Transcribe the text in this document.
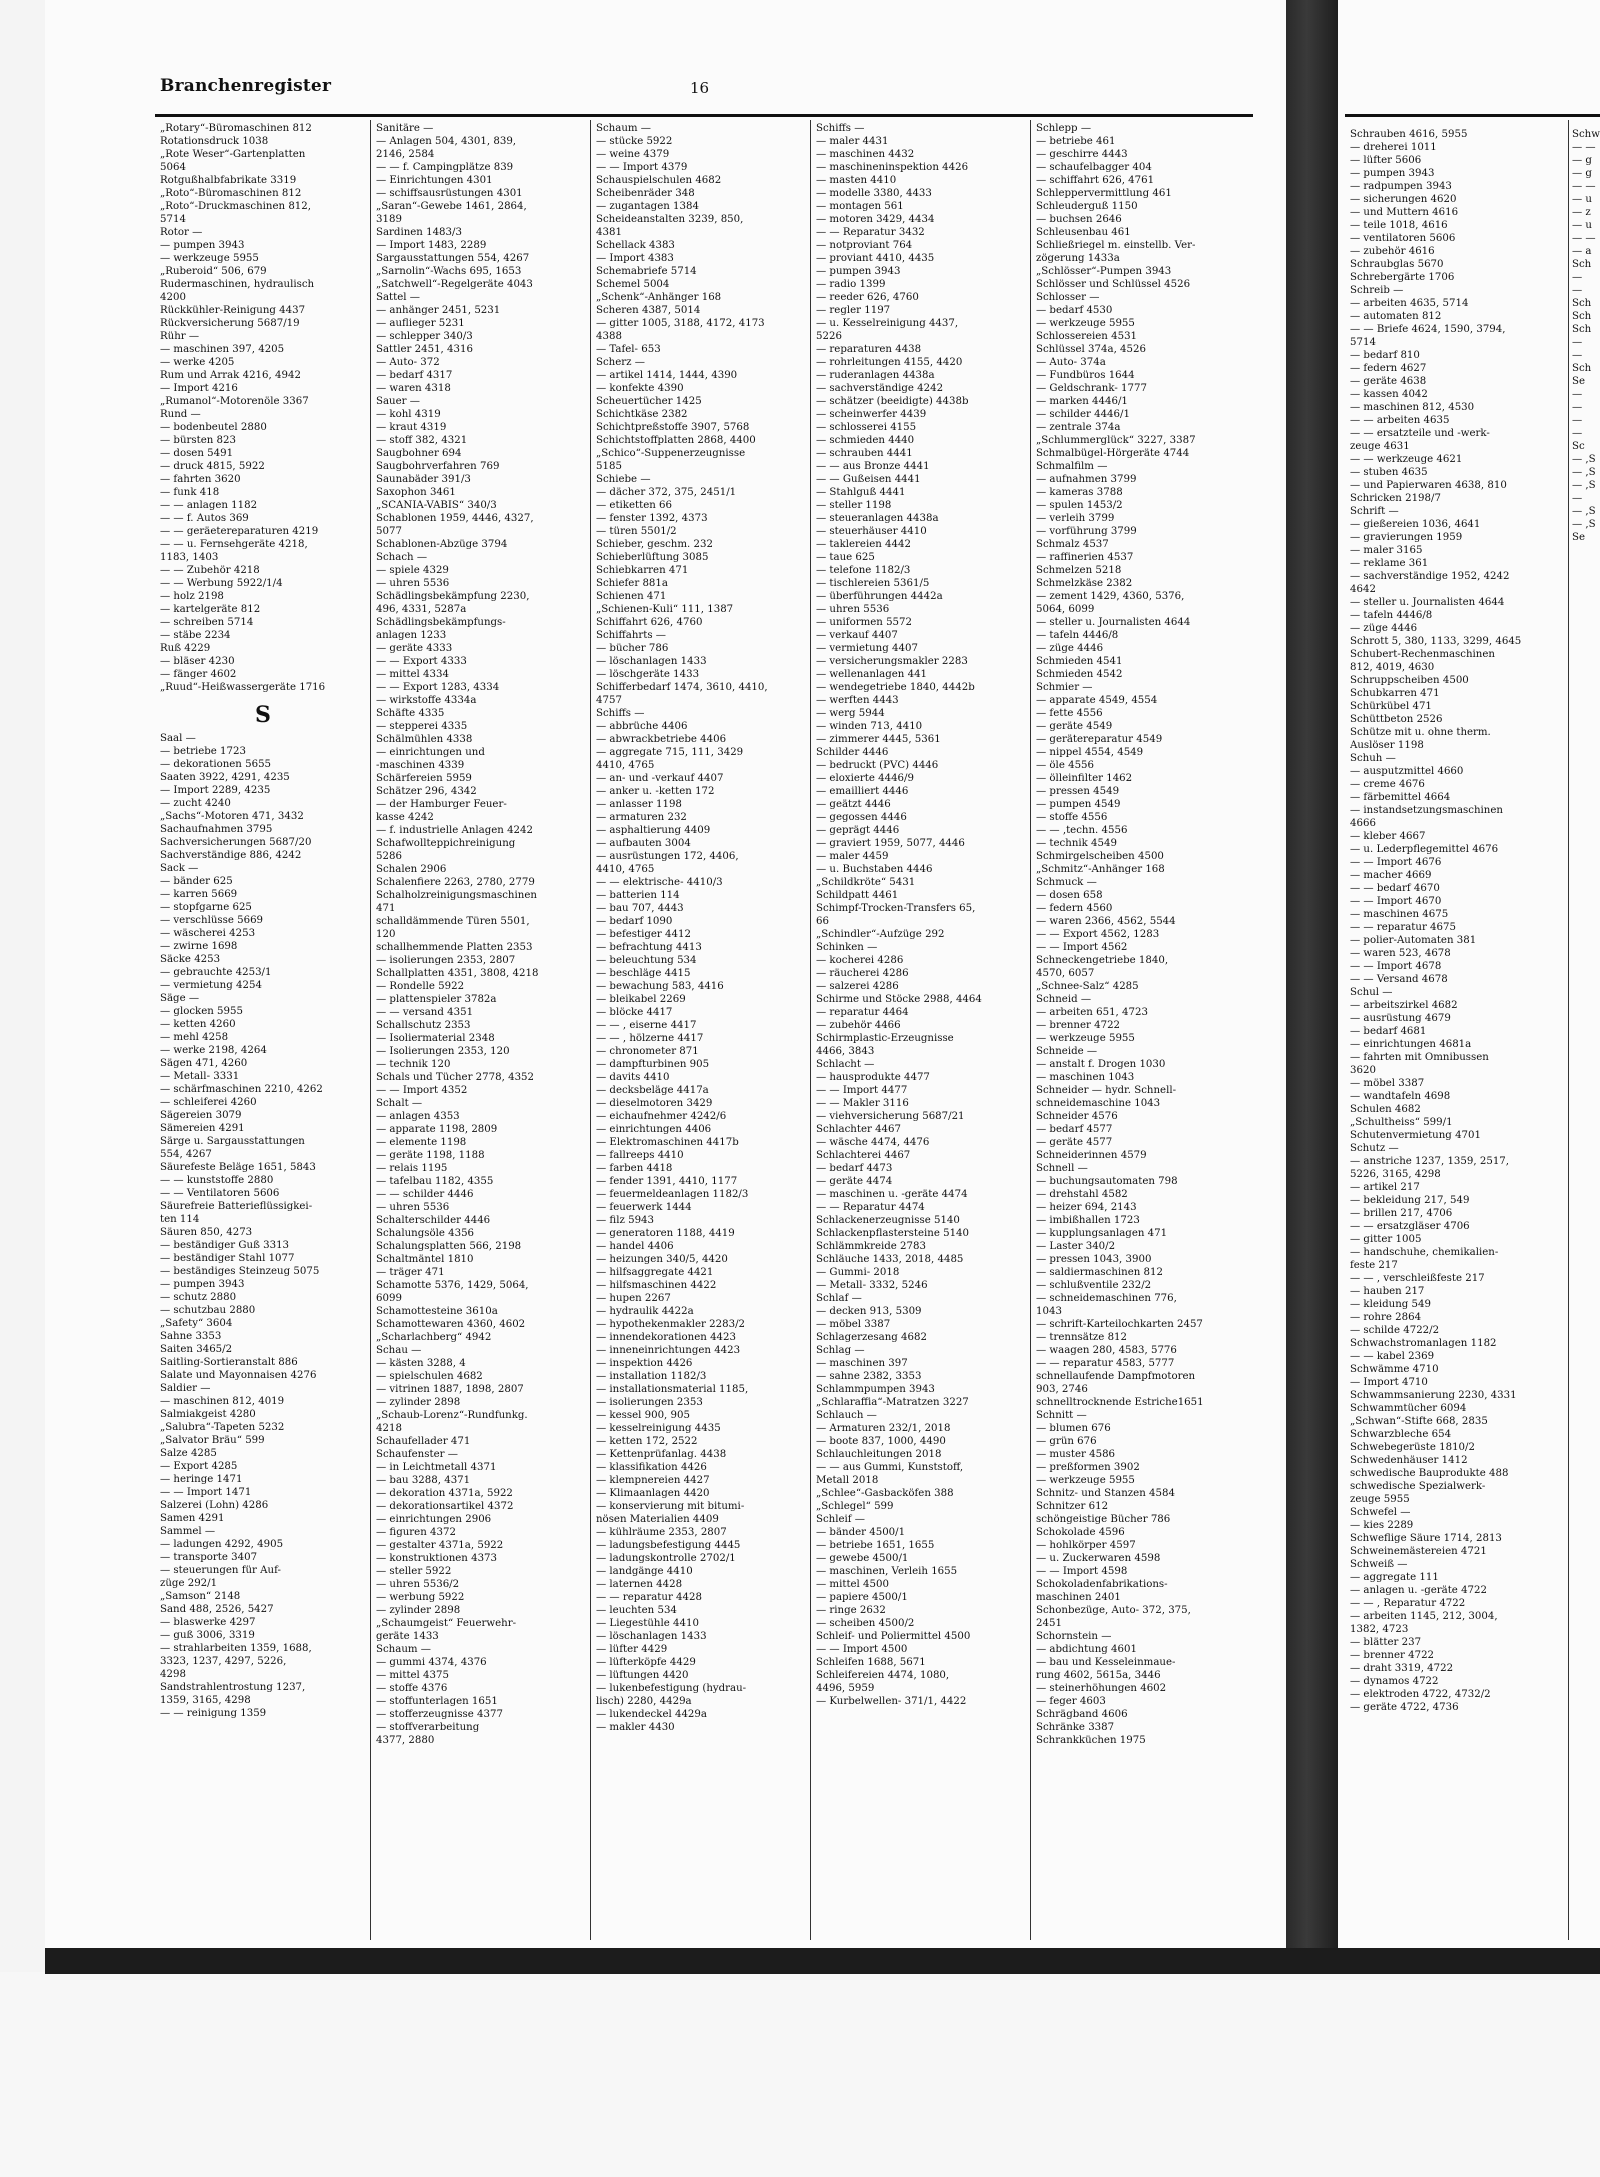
Branchenregister	16
„Rotary“-Büromaschinen 812
Rotationsdruck 1038
„Rote Weser“-Gartenplatten
5064
Rotgußhalbfabrikate 3319
„Roto“-Büromaschinen 812
„Roto“-Druckmaschinen 812,
5714
Rotor —
— pumpen 3943
— werkzeuge 5955
„Ruberoid“ 506, 679
Rudermaschinen, hydraulisch
4200
Rückkühler-Reinigung 4437
Rückversicherung 5687/19
Rühr —
— maschinen 397, 4205
— werke 4205
Rum und Arrak 4216, 4942
— Import 4216
„Rumanol“-Motorenöle 3367
Rund —
— bodenbeutel 2880
— bürsten 823
— dosen 5491
— druck 4815, 5922
— fahrten 3620
— funk 418
— — anlagen 1182
— — f. Autos 369
— — geräetereparaturen 4219
— — u. Fernsehgeräte 4218,
1183, 1403
— — Zubehör 4218
— — Werbung 5922/1/4
— holz 2198
— kartelgeräte 812
— schreiben 5714
— stäbe 2234
Ruß 4229
— bläser 4230
— fänger 4602
„Ruud“-Heißwassergeräte 1716
S
Saal —
— betriebe 1723
— dekorationen 5655
Saaten 3922, 4291, 4235
— Import 2289, 4235
— zucht 4240
„Sachs“-Motoren 471, 3432
Sachaufnahmen 3795
Sachversicherungen 5687/20
Sachverständige 886, 4242
Sack —
— bänder 625
— karren 5669
— stopfgarne 625
— verschlüsse 5669
— wäscherei 4253
— zwirne 1698
Säcke 4253
— gebrauchte 4253/1
— vermietung 4254
Säge —
— glocken 5955
— ketten 4260
— mehl 4258
— werke 2198, 4264
Sägen 471, 4260
— Metall- 3331
— schärfmaschinen 2210, 4262
— schleiferei 4260
Sägereien 3079
Sämereien 4291
Särge u. Sargausstattungen
554, 4267
Säurefeste Beläge 1651, 5843
— — kunststoffe 2880
— — Ventilatoren 5606
Säurefreie Batterieflüssigkei-
ten 114
Säuren 850, 4273
— beständiger Guß 3313
— beständiger Stahl 1077
— beständiges Steinzeug 5075
— pumpen 3943
— schutz 2880
— schutzbau 2880
„Safety“ 3604
Sahne 3353
Saiten 3465/2
Saitling-Sortieranstalt 886
Salate und Mayonnaisen 4276
Saldier —
— maschinen 812, 4019
Salmiakgeist 4280
„Salubra“-Tapeten 5232
„Salvator Bräu“ 599
Salze 4285
— Export 4285
— heringe 1471
— — Import 1471
Salzerei (Lohn) 4286
Samen 4291
Sammel —
— ladungen 4292, 4905
— transporte 3407
— steuerungen für Auf-
züge 292/1
„Samson“ 2148
Sand 488, 2526, 5427
— blaswerke 4297
— guß 3006, 3319
— strahlarbeiten 1359, 1688,
3323, 1237, 4297, 5226,
4298
Sandstrahlentrostung 1237,
1359, 3165, 4298
— — reinigung 1359
Sanitäre —
— Anlagen 504, 4301, 839,
2146, 2584
— — f. Campingplätze 839
— Einrichtungen 4301
— schiffsausrüstungen 4301
„Saran“-Gewebe 1461, 2864,
3189
Sardinen 1483/3
— Import 1483, 2289
Sargausstattungen 554, 4267
„Sarnolin“-Wachs 695, 1653
„Satchwell“-Regelgeräte 4043
Sattel —
— anhänger 2451, 5231
— auflieger 5231
— schlepper 340/3
Sattler 2451, 4316
— Auto- 372
— bedarf 4317
— waren 4318
Sauer —
— kohl 4319
— kraut 4319
— stoff 382, 4321
Saugbohner 694
Saugbohrverfahren 769
Saunabäder 391/3
Saxophon 3461
„SCANIA-VABIS“ 340/3
Schablonen 1959, 4446, 4327,
5077
Schablonen-Abzüge 3794
Schach —
— spiele 4329
— uhren 5536
Schädlingsbekämpfung 2230,
496, 4331, 5287a
Schädlingsbekämpfungs-
anlagen 1233
— geräte 4333
— — Export 4333
— mittel 4334
— — Export 1283, 4334
— wirkstoffe 4334a
Schäfte 4335
— stepperei 4335
Schälmühlen 4338
— einrichtungen und
-maschinen 4339
Schärfereien 5959
Schätzer 296, 4342
— der Hamburger Feuer-
kasse 4242
— f. industrielle Anlagen 4242
Schafwollteppichreinigung
5286
Schalen 2906
Schalenfiere 2263, 2780, 2779
Schalholzreinigungsmaschinen
471
schalldämmende Türen 5501,
120
schallhemmende Platten 2353
— isolierungen 2353, 2807
Schallplatten 4351, 3808, 4218
— Rondelle 5922
— plattenspieler 3782a
— — versand 4351
Schallschutz 2353
— Isoliermaterial 2348
— Isolierungen 2353, 120
— technik 120
Schals und Tücher 2778, 4352
— — Import 4352
Schalt —
— anlagen 4353
— apparate 1198, 2809
— elemente 1198
— geräte 1198, 1188
— relais 1195
— tafelbau 1182, 4355
— — schilder 4446
— uhren 5536
Schalterschilder 4446
Schalungsöle 4356
Schalungsplatten 566, 2198
Schaltmäntel 1810
— träger 471
Schamotte 5376, 1429, 5064,
6099
Schamottesteine 3610a
Schamottewaren 4360, 4602
„Scharlachberg“ 4942
Schau —
— kästen 3288, 4
— spielschulen 4682
— vitrinen 1887, 1898, 2807
— zylinder 2898
„Schaub-Lorenz“-Rundfunkg.
4218
Schaufellader 471
Schaufenster —
— in Leichtmetall 4371
— bau 3288, 4371
— dekoration 4371a, 5922
— dekorationsartikel 4372
— einrichtungen 2906
— figuren 4372
— gestalter 4371a, 5922
— konstruktionen 4373
— steller 5922
— uhren 5536/2
— werbung 5922
— zylinder 2898
„Schaumgeist“ Feuerwehr-
geräte 1433
Schaum —
— gummi 4374, 4376
— mittel 4375
— stoffe 4376
— stoffunterlagen 1651
— stofferzeugnisse 4377
— stoffverarbeitung
4377, 2880
Schaum —
— stücke 5922
— weine 4379
— — Import 4379
Schauspielschulen 4682
Scheibenräder 348
— zugantagen 1384
Scheideanstalten 3239, 850,
4381
Schellack 4383
— Import 4383
Schemabriefe 5714
Schemel 5004
„Schenk“-Anhänger 168
Scheren 4387, 5014
— gitter 1005, 3188, 4172, 4173
4388
— Tafel- 653
Scherz —
— artikel 1414, 1444, 4390
— konfekte 4390
Scheuertücher 1425
Schichtkäse 2382
Schichtpreßstoffe 3907, 5768
Schichtstoffplatten 2868, 4400
„Schico“-Suppenerzeugnisse
5185
Schiebe —
— dächer 372, 375, 2451/1
— etiketten 66
— fenster 1392, 4373
— türen 5501/2
Schieber, geschm. 232
Schieberlüftung 3085
Schiebkarren 471
Schiefer 881a
Schienen 471
„Schienen-Kuli“ 111, 1387
Schiffahrt 626, 4760
Schiffahrts —
— bücher 786
— löschanlagen 1433
— löschgeräte 1433
Schifferbedarf 1474, 3610, 4410,
4757
Schiffs —
— abbrüche 4406
— abwrackbetriebe 4406
— aggregate 715, 111, 3429
4410, 4765
— an- und -verkauf 4407
— anker u. -ketten 172
— anlasser 1198
— armaturen 232
— asphaltierung 4409
— aufbauten 3004
— ausrüstungen 172, 4406,
4410, 4765
— — elektrische- 4410/3
— batterien 114
— bau 707, 4443
— bedarf 1090
— befestiger 4412
— befrachtung 4413
— beleuchtung 534
— beschläge 4415
— bewachung 583, 4416
— bleikabel 2269
— blöcke 4417
— — , eiserne 4417
— — , hölzerne 4417
— chronometer 871
— dampfturbinen 905
— davits 4410
— decksbeläge 4417a
— dieselmotoren 3429
— eichaufnehmer 4242/6
— einrichtungen 4406
— Elektromaschinen 4417b
— fallreeps 4410
— farben 4418
— fender 1391, 4410, 1177
— feuermeldeanlagen 1182/3
— feuerwerk 1444
— filz 5943
— generatoren 1188, 4419
— handel 4406
— heizungen 340/5, 4420
— hilfsaggregate 4421
— hilfsmaschinen 4422
— hupen 2267
— hydraulik 4422a
— hypothekenmakler 2283/2
— innendekorationen 4423
— inneneinrichtungen 4423
— inspektion 4426
— installation 1182/3
— installationsmaterial 1185,
— isolierungen 2353
— kessel 900, 905
— kesselreinigung 4435
— ketten 172, 2522
— Kettenprüfanlag. 4438
— klassifikation 4426
— klempnereien 4427
— Klimaanlagen 4420
— konservierung mit bitumi-
nösen Materialien 4409
— kühlräume 2353, 2807
— ladungsbefestigung 4445
— ladungskontrolle 2702/1
— landgänge 4410
— laternen 4428
— — reparatur 4428
— leuchten 534
— Liegestühle 4410
— löschanlagen 1433
— lüfter 4429
— lüfterköpfe 4429
— lüftungen 4420
— lukenbefestigung (hydrau-
lisch) 2280, 4429a
— lukendeckel 4429a
— makler 4430
Schiffs —
— maler 4431
— maschinen 4432
— maschineninspektion 4426
— masten 4410
— modelle 3380, 4433
— montagen 561
— motoren 3429, 4434
— — Reparatur 3432
— notproviant 764
— proviant 4410, 4435
— pumpen 3943
— radio 1399
— reeder 626, 4760
— regler 1197
— u. Kesselreinigung 4437,
5226
— reparaturen 4438
— rohrleitungen 4155, 4420
— ruderanlagen 4438a
— sachverständige 4242
— schätzer (beeidigte) 4438b
— scheinwerfer 4439
— schlosserei 4155
— schmieden 4440
— schrauben 4441
— — aus Bronze 4441
— — Gußeisen 4441
— Stahlguß 4441
— steller 1198
— steueranlagen 4438a
— steuerhäuser 4410
— taklereien 4442
— taue 625
— telefone 1182/3
— tischlereien 5361/5
— überführungen 4442a
— uhren 5536
— uniformen 5572
— verkauf 4407
— vermietung 4407
— versicherungsmakler 2283
— wellenanlagen 441
— wendegetriebe 1840, 4442b
— werften 4443
— werg 5944
— winden 713, 4410
— zimmerer 4445, 5361
Schilder 4446
— bedruckt (PVC) 4446
— eloxierte 4446/9
— emailliert 4446
— geätzt 4446
— gegossen 4446
— geprägt 4446
— graviert 1959, 5077, 4446
— maler 4459
— u. Buchstaben 4446
„Schildkröte“ 5431
Schildpatt 4461
Schimpf-Trocken-Transfers 65,
66
„Schindler“-Aufzüge 292
Schinken —
— kocherei 4286
— räucherei 4286
— salzerei 4286
Schirme und Stöcke 2988, 4464
— reparatur 4464
— zubehör 4466
Schirmplastic-Erzeugnisse
4466, 3843
Schlacht —
— hausprodukte 4477
— — Import 4477
— — Makler 3116
— viehversicherung 5687/21
Schlachter 4467
— wäsche 4474, 4476
Schlachterei 4467
— bedarf 4473
— geräte 4474
— maschinen u. -geräte 4474
— — Reparatur 4474
Schlackenerzeugnisse 5140
Schlackenpflastersteine 5140
Schlämmkreide 2783
Schläuche 1433, 2018, 4485
— Gummi- 2018
— Metall- 3332, 5246
Schlaf —
— decken 913, 5309
— möbel 3387
Schlagerzesang 4682
Schlag —
— maschinen 397
— sahne 2382, 3353
Schlammpumpen 3943
„Schlaraffia“-Matratzen 3227
Schlauch —
— Armaturen 232/1, 2018
— boote 837, 1000, 4490
Schlauchleitungen 2018
— — aus Gummi, Kunststoff,
Metall 2018
„Schlee“-Gasbacköfen 388
„Schlegel“ 599
Schleif —
— bänder 4500/1
— betriebe 1651, 1655
— gewebe 4500/1
— maschinen, Verleih 1655
— mittel 4500
— papiere 4500/1
— ringe 2632
— scheiben 4500/2
Schleif- und Poliermittel 4500
— — Import 4500
Schleifen 1688, 5671
Schleifereien 4474, 1080,
4496, 5959
— Kurbelwellen- 371/1, 4422
Schlepp —
— betriebe 461
— geschirre 4443
— schaufelbagger 404
— schiffahrt 626, 4761
Schleppervermittlung 461
Schleuderguß 1150
— buchsen 2646
Schleusenbau 461
Schließriegel m. einstellb. Ver-
zögerung 1433a
„Schlösser“-Pumpen 3943
Schlösser und Schlüssel 4526
Schlosser —
— bedarf 4530
— werkzeuge 5955
Schlossereien 4531
Schlüssel 374a, 4526
— Auto- 374a
— Fundbüros 1644
— Geldschrank- 1777
— marken 4446/1
— schilder 4446/1
— zentrale 374a
„Schlummerglück“ 3227, 3387
Schmalbügel-Hörgeräte 4744
Schmalfilm —
— aufnahmen 3799
— kameras 3788
— spulen 1453/2
— verleih 3799
— vorführung 3799
Schmalz 4537
— raffinerien 4537
Schmelzen 5218
Schmelzkäse 2382
— zement 1429, 4360, 5376,
5064, 6099
— steller u. Journalisten 4644
— tafeln 4446/8
— züge 4446
Schmieden 4541
Schmieden 4542
Schmier —
— apparate 4549, 4554
— fette 4556
— geräte 4549
— gerätereparatur 4549
— nippel 4554, 4549
— öle 4556
— ölleinfilter 1462
— pressen 4549
— pumpen 4549
— stoffe 4556
— — ,techn. 4556
— technik 4549
Schmirgelscheiben 4500
„Schmitz“-Anhänger 168
Schmuck —
— dosen 658
— federn 4560
— waren 2366, 4562, 5544
— — Export 4562, 1283
— — Import 4562
Schneckengetriebe 1840,
4570, 6057
„Schnee-Salz“ 4285
Schneid —
— arbeiten 651, 4723
— brenner 4722
— werkzeuge 5955
Schneide —
— anstalt f. Drogen 1030
— maschinen 1043
Schneider — hydr. Schnell-
schneidemaschine 1043
Schneider 4576
— bedarf 4577
— geräte 4577
Schneiderinnen 4579
Schnell —
— buchungsautomaten 798
— drehstahl 4582
— heizer 694, 2143
— imbißhallen 1723
— kupplungsanlagen 471
— Laster 340/2
— pressen 1043, 3900
— saldiermaschinen 812
— schlußventile 232/2
— schneidemaschinen 776,
1043
— schrift-Karteilochkarten 2457
— trennsätze 812
— waagen 280, 4583, 5776
— — reparatur 4583, 5777
schnellaufende Dampfmotoren
903, 2746
schnelltrocknende Estriche1651
Schnitt —
— blumen 676
— grün 676
— muster 4586
— preßformen 3902
— werkzeuge 5955
Schnitz- und Stanzen 4584
Schnitzer 612
schöngeistige Bücher 786
Schokolade 4596
— hohlkörper 4597
— u. Zuckerwaren 4598
— — Import 4598
Schokoladenfabrikations-
maschinen 2401
Schonbezüge, Auto- 372, 375,
2451
Schornstein —
— abdichtung 4601
— bau und Kesseleinmaue-
rung 4602, 5615a, 3446
— steinerhöhungen 4602
— feger 4603
Schrägband 4606
Schränke 3387
Schrankküchen 1975
Schrauben 4616, 5955
— dreherei 1011
— lüfter 5606
— pumpen 3943
— radpumpen 3943
— sicherungen 4620
— und Muttern 4616
— teile 1018, 4616
— ventilatoren 5606
— zubehör 4616
Schraubglas 5670
Schrebergärte 1706
Schreib —
— arbeiten 4635, 5714
— automaten 812
— — Briefe 4624, 1590, 3794,
5714
— bedarf 810
— federn 4627
— geräte 4638
— kassen 4042
— maschinen 812, 4530
— — arbeiten 4635
— — ersatzteile und -werk-
zeuge 4631
— — werkzeuge 4621
— stuben 4635
— und Papierwaren 4638, 810
Schricken 2198/7
Schrift —
— gießereien 1036, 4641
— gravierungen 1959
— maler 3165
— reklame 361
— sachverständige 1952, 4242
4642
— steller u. Journalisten 4644
— tafeln 4446/8
— züge 4446
Schrott 5, 380, 1133, 3299, 4645
Schubert-Rechenmaschinen
812, 4019, 4630
Schruppscheiben 4500
Schubkarren 471
Schürkübel 471
Schüttbeton 2526
Schütze mit u. ohne therm.
Auslöser 1198
Schuh —
— ausputzmittel 4660
— creme 4676
— färbemittel 4664
— instandsetzungsmaschinen
4666
— kleber 4667
— u. Lederpflegemittel 4676
— — Import 4676
— macher 4669
— — bedarf 4670
— — Import 4670
— maschinen 4675
— — reparatur 4675
— polier-Automaten 381
— waren 523, 4678
— — Import 4678
— — Versand 4678
Schul —
— arbeitszirkel 4682
— ausrüstung 4679
— bedarf 4681
— einrichtungen 4681a
— fahrten mit Omnibussen
3620
— möbel 3387
— wandtafeln 4698
Schulen 4682
„Schultheiss“ 599/1
Schutenvermietung 4701
Schutz —
— anstriche 1237, 1359, 2517,
5226, 3165, 4298
— artikel 217
— bekleidung 217, 549
— brillen 217, 4706
— — ersatzgläser 4706
— gitter 1005
— handschuhe, chemikalien-
feste 217
— — , verschleißfeste 217
— hauben 217
— kleidung 549
— rohre 2864
— schilde 4722/2
Schwachstromanlagen 1182
— — kabel 2369
Schwämme 4710
— Import 4710
Schwammsanierung 2230, 4331
Schwammtücher 6094
„Schwan“-Stifte 668, 2835
Schwarzbleche 654
Schwebegerüste 1810/2
Schwedenhäuser 1412
schwedische Bauprodukte 488
schwedische Spezialwerk-
zeuge 5955
Schwefel —
— kies 2289
Schweflige Säure 1714, 2813
Schweinemästereien 4721
Schweiß —
— aggregate 111
— anlagen u. -geräte 4722
— — , Reparatur 4722
— arbeiten 1145, 212, 3004,
1382, 4723
— blätter 237
— brenner 4722
— draht 3319, 4722
— dynamos 4722
— elektroden 4722, 4732/2
— geräte 4722, 4736
Schw
— —
— g
— g
— —
— u
— z
— u
— —
— a
Sch
—
—
Sch
Sch
Sch
—
—
Sch
Se
—
—
—
—
Sc
— ,S
— ,S
— ,S
—
— ,S
— ,S
Se
